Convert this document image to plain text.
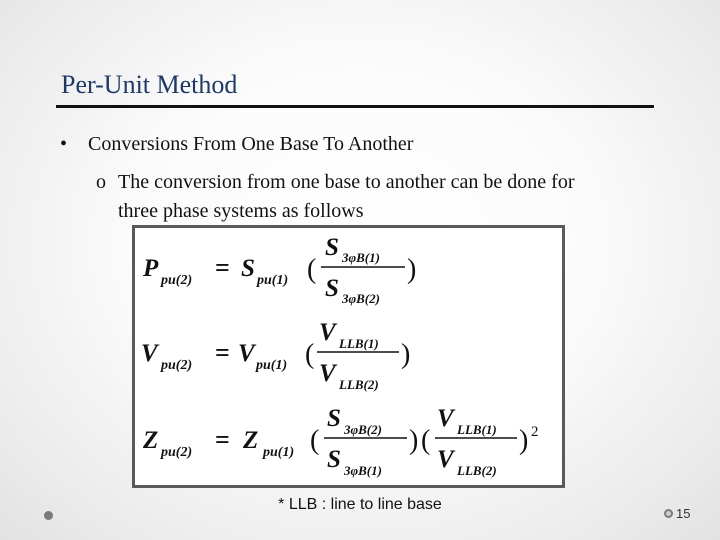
Per-Unit Method
• Conversions From One Base To Another
o The conversion from one base to another can be done for
three phase systems as follows
P pu(2) = S pu(1) (
S 3φB(1)
S 3φB(2)
)
V pu(2) = V pu(1) (
V LLB(1)
V LLB(2)
)
Z pu(2) = Z pu(1) (
S 3φB(2)
S 3φB(1)
) (
V LLB(1)
V LLB(2)
) 2
* LLB : line to line base
15
